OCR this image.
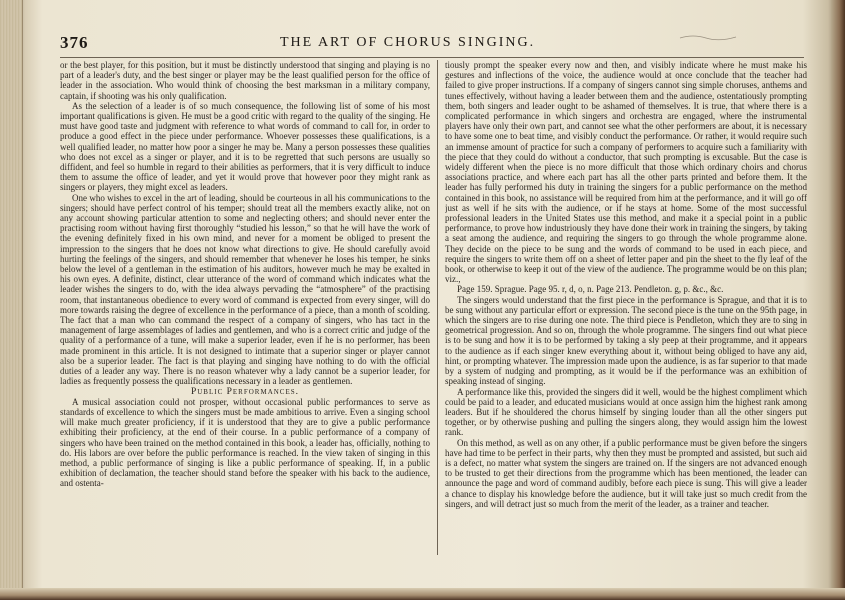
376	THE ART OF CHORUS SINGING.

or the best player, for this position, but it must be distinctly understood that singing and playing is no part of a leader's duty, and the best singer or player may be the least qualified person for the office of leader in the association. Who would think of choosing the best marksman in a military company, captain, if shooting was his only qualification.

As the selection of a leader is of so much consequence, the following list of some of his most important qualifications is given. He must be a good critic with regard to the quality of the singing. He must have good taste and judgment with reference to what words of command to call for, in order to produce a good effect in the piece under performance. Whoever possesses these qualifications, is a well qualified leader, no matter how poor a singer he may be. Many a person possesses these qualities who does not excel as a singer or player, and it is to be regretted that such persons are usually so diffident, and feel so humble in regard to their abilities as performers, that it is very difficult to induce them to assume the office of leader, and yet it would prove that however poor they might rank as singers or players, they might excel as leaders.

One who wishes to excel in the art of leading, should be courteous in all his communications to the singers; should have perfect control of his temper; should treat all the members exactly alike, not on any account showing particular attention to some and neglecting others; and should never enter the practising room without having first thoroughly “studied his lesson,” so that he will have the work of the evening definitely fixed in his own mind, and never for a moment be obliged to present the impression to the singers that he does not know what directions to give. He should carefully avoid hurting the feelings of the singers, and should remember that whenever he loses his temper, he sinks below the level of a gentleman in the estimation of his auditors, however much he may be exalted in his own eyes. A definite, distinct, clear utterance of the word of command which indicates what the leader wishes the singers to do, with the idea always pervading the “atmosphere” of the practising room, that instantaneous obedience to every word of command is expected from every singer, will do more towards raising the degree of excellence in the performance of a piece, than a month of scolding. The fact that a man who can command the respect of a company of singers, who has tact in the management of large assemblages of ladies and gentlemen, and who is a correct critic and judge of the quality of a performance of a tune, will make a superior leader, even if he is no performer, has been made prominent in this article. It is not designed to intimate that a superior singer or player cannot also be a superior leader. The fact is that playing and singing have nothing to do with the official duties of a leader any way. There is no reason whatever why a lady cannot be a superior leader, for ladies as frequently possess the qualifications necessary in a leader as gentlemen.

Public Performances.

A musical association could not prosper, without occasional public performances to serve as standards of excellence to which the singers must be made ambitious to arrive. Even a singing school will make much greater proficiency, if it is understood that they are to give a public performance exhibiting their proficiency, at the end of their course. In a public performance of a company of singers who have been trained on the method contained in this book, a leader has, officially, nothing to do. His labors are over before the public performance is reached. In the view taken of singing in this method, a public performance of singing is like a public performance of speaking. If, in a public exhibition of declamation, the teacher should stand before the speaker with his back to the audience, and ostenta-

tiously prompt the speaker every now and then, and visibly indicate where he must make his gestures and inflections of the voice, the audience would at once conclude that the teacher had failed to give proper instructions. If a company of singers cannot sing simple choruses, anthems and tunes effectively, without having a leader between them and the audience, ostentatiously prompting them, both singers and leader ought to be ashamed of themselves. It is true, that where there is a complicated performance in which singers and orchestra are engaged, where the instrumental players have only their own part, and cannot see what the other performers are about, it is necessary to have some one to beat time, and visibly conduct the performance. Or rather, it would require such an immense amount of practice for such a company of performers to acquire such a familiarity with the piece that they could do without a conductor, that such prompting is excusable. But the case is widely different when the piece is no more difficult that those which ordinary choirs and chorus associations practice, and where each part has all the other parts printed and before them. It the leader has fully performed his duty in training the singers for a public performance on the method contained in this book, no assistance will be required from him at the performance, and it will go off just as well if he sits with the audience, or if he stays at home. Some of the most successful professional leaders in the United States use this method, and make it a special point in a public performance, to prove how industriously they have done their work in training the singers, by taking a seat among the audience, and requiring the singers to go through the whole programme alone. They decide on the piece to be sung and the words of command to be used in each piece, and require the singers to write them off on a sheet of letter paper and pin the sheet to the fly leaf of the book, or otherwise to keep it out of the view of the audience. The programme would be on this plan; viz.,

Page 159. Sprague. Page 95. r, d, o, n. Page 213. Pendleton. g, p. &c., &c.

The singers would understand that the first piece in the performance is Sprague, and that it is to be sung without any particular effort or expression. The second piece is the tune on the 95th page, in which the singers are to rise during one note. The third piece is Pendleton, which they are to sing in geometrical progression. And so on, through the whole programme. The singers find out what piece is to be sung and how it is to be performed by taking a sly peep at their programme, and it appears to the audience as if each singer knew everything about it, without being obliged to have any aid, hint, or prompting whatever. The impression made upon the audience, is as far superior to that made by a system of nudging and prompting, as it would be if the performance was an exhibition of speaking instead of singing.

A performance like this, provided the singers did it well, would be the highest compliment which could be paid to a leader, and educated musicians would at once assign him the highest rank among leaders. But if he shouldered the chorus himself by singing louder than all the other singers put together, or by otherwise pushing and pulling the singers along, they would assign him the lowest rank.

On this method, as well as on any other, if a public performance must be given before the singers have had time to be perfect in their parts, why then they must be prompted and assisted, but such aid is a defect, no matter what system the singers are trained on. If the singers are not advanced enough to be trusted to get their directions from the programme which has been mentioned, the leader can announce the page and word of command audibly, before each piece is sung. This will give a leader a chance to display his knowledge before the audience, but it will take just so much credit from the singers, and will detract just so much from the merit of the leader, as a trainer and teacher.
